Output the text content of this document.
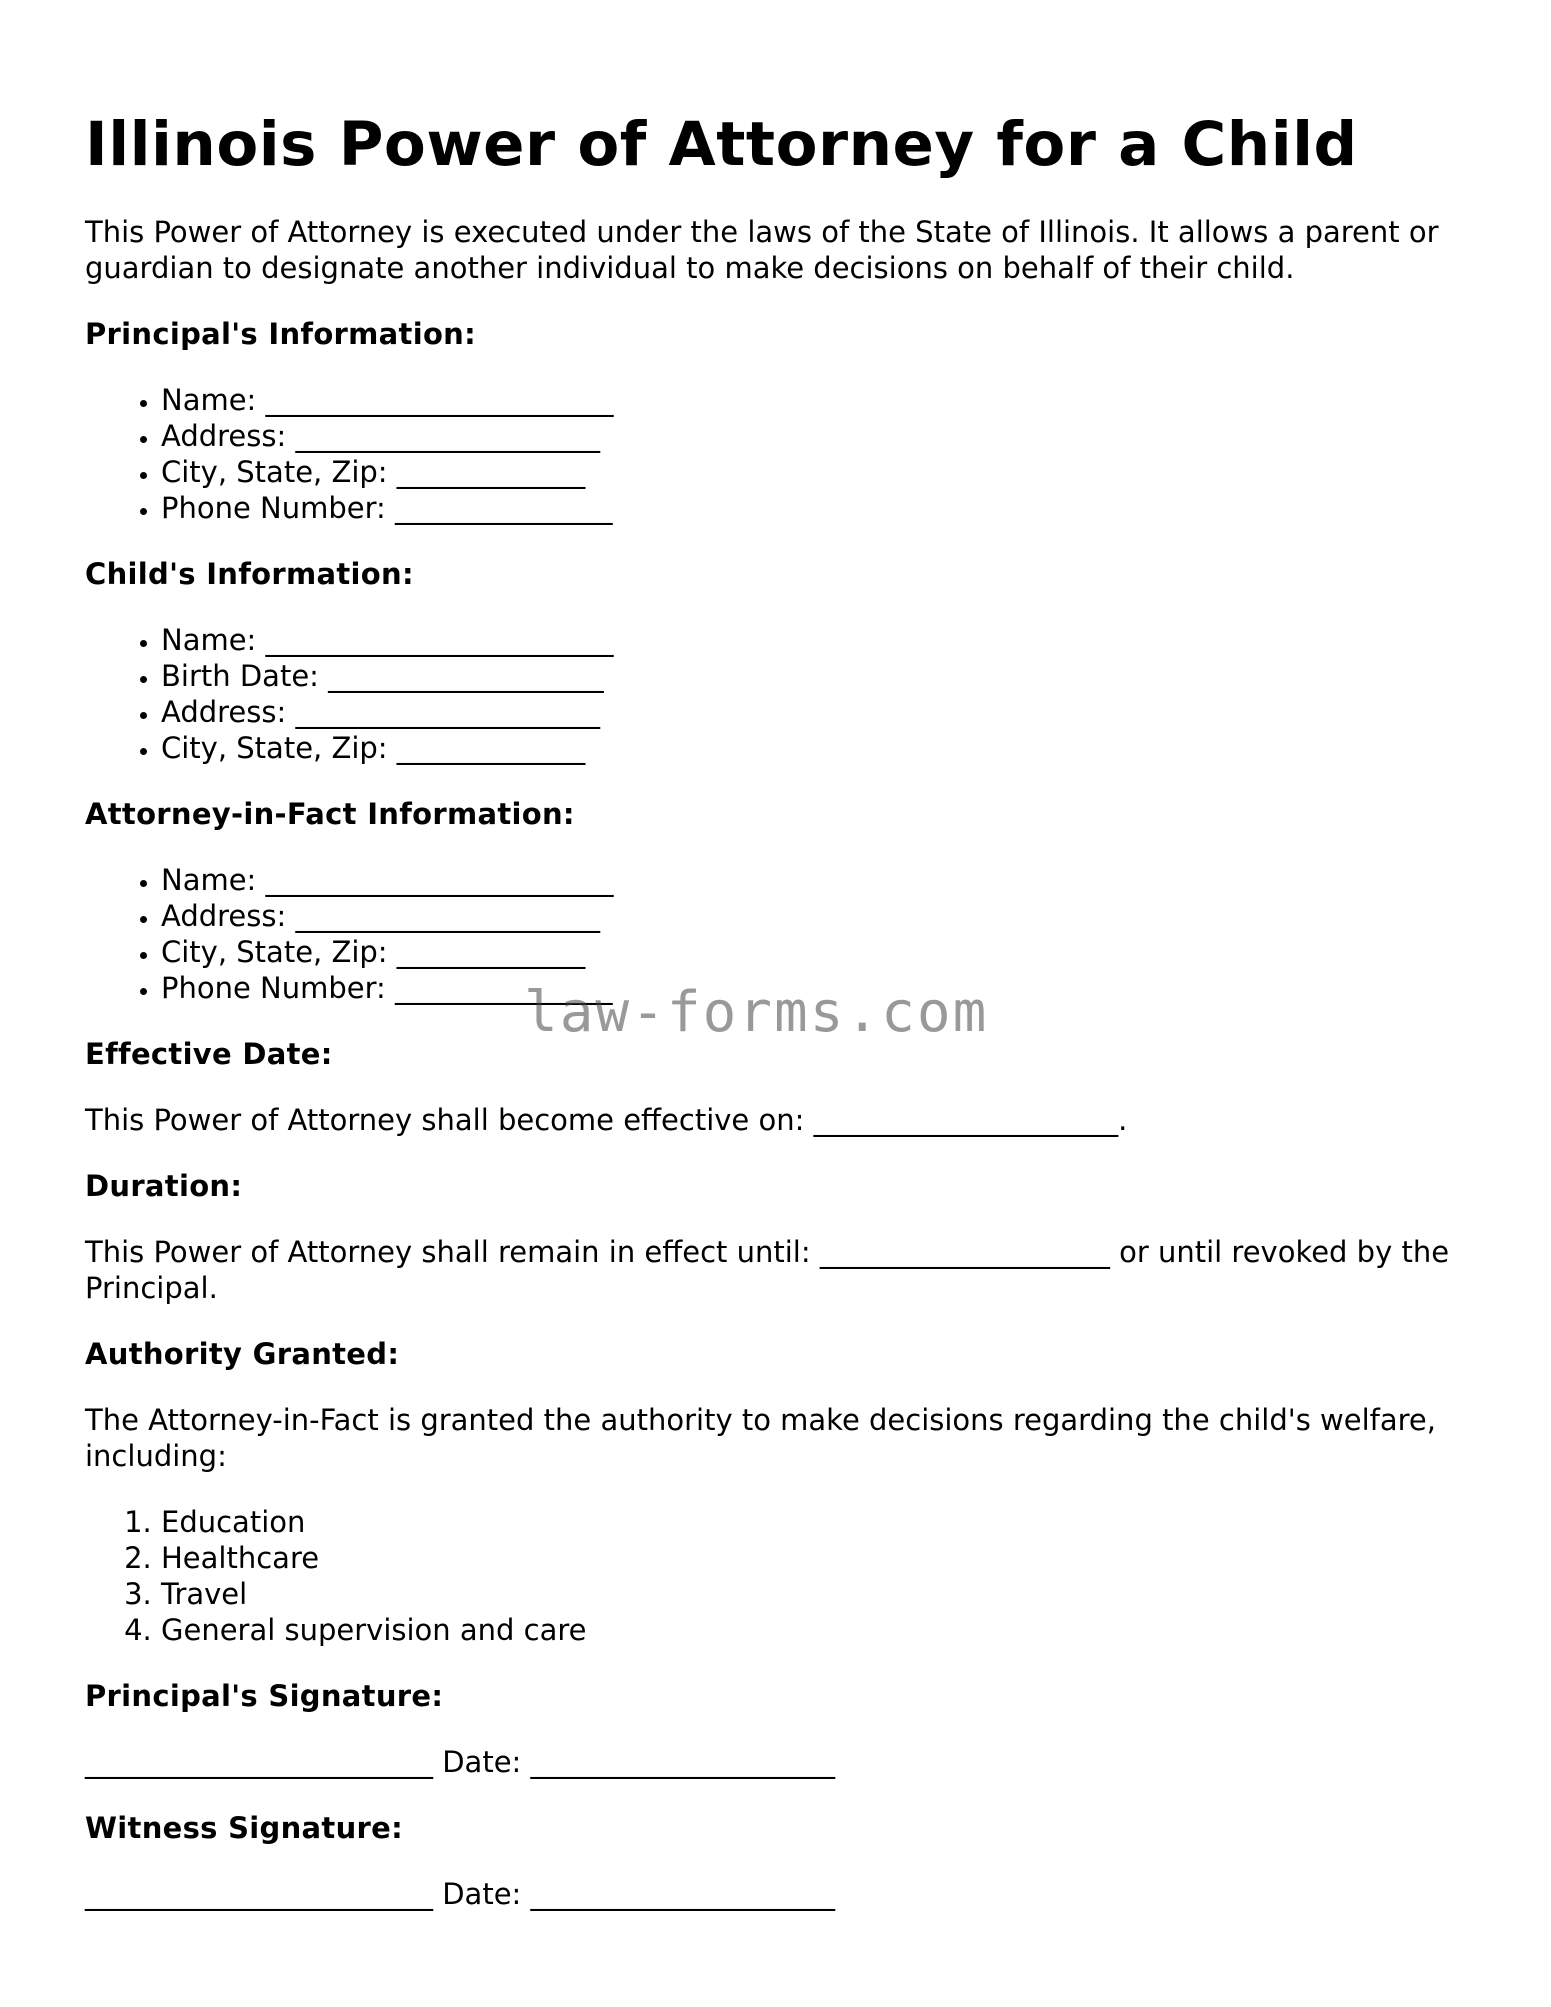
Illinois Power of Attorney for a Child

This Power of Attorney is executed under the laws of the State of Illinois. It allows a parent or guardian to designate another individual to make decisions on behalf of their child.

Principal's Information:
• Name: ________________________
• Address: _____________________
• City, State, Zip: _____________
• Phone Number: _______________
Child's Information:
• Name: ________________________
• Birth Date: ___________________
• Address: _____________________
• City, State, Zip: _____________
Attorney-in-Fact Information:
• Name: ________________________
• Address: _____________________
• City, State, Zip: _____________
• Phone Number: _______________
Effective Date:

This Power of Attorney shall become effective on: _____________________.

Duration:

This Power of Attorney shall remain in effect until: ____________________ or until revoked by the Principal.

Authority Granted:

The Attorney-in-Fact is granted the authority to make decisions regarding the child's welfare, including:

1. Education
2. Healthcare
3. Travel
4. General supervision and care
Principal's Signature:

________________________ Date: _____________________

Witness Signature:

________________________ Date: _____________________

law-forms.com
